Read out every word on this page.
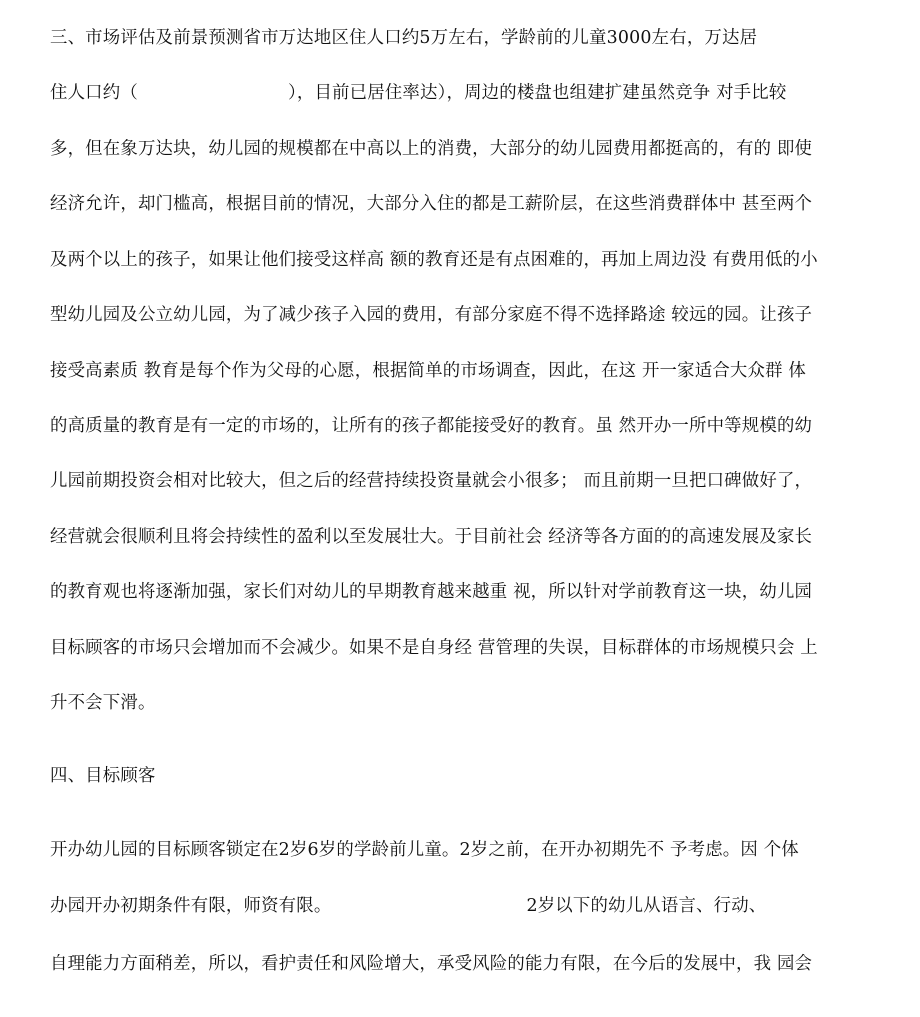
三、市场评估及前景预测省市万达地区住人口约5万左右，学龄前的儿童3000左右，万达居
住人口约（	），目前已居住率达），周边的楼盘也组建扩建虽然竞争 对手比较
多，但在象万达块，幼儿园的规模都在中高以上的消费，大部分的幼儿园费用都挺高的，有的 即使
经济允许，却门槛高，根据目前的情况，大部分入住的都是工薪阶层，在这些消费群体中 甚至两个
及两个以上的孩子，如果让他们接受这样高 额的教育还是有点困难的，再加上周边没 有费用低的小
型幼儿园及公立幼儿园，为了减少孩子入园的费用，有部分家庭不得不选择路途 较远的园。让孩子
接受高素质 教育是每个作为父母的心愿，根据简单的市场调查，因此，在这 开一家适合大众群 体
的高质量的教育是有一定的市场的，让所有的孩子都能接受好的教育。虽 然开办一所中等规模的幼
儿园前期投资会相对比较大，但之后的经营持续投资量就会小很多； 而且前期一旦把口碑做好了，
经营就会很顺利且将会持续性的盈利以至发展壮大。于目前社会 经济等各方面的的高速发展及家长
的教育观也将逐渐加强，家长们对幼儿的早期教育越来越重 视，所以针对学前教育这一块，幼儿园
目标顾客的市场只会增加而不会减少。如果不是自身经 营管理的失误，目标群体的市场规模只会 上
升不会下滑。
四、目标顾客
开办幼儿园的目标顾客锁定在2岁6岁的学龄前儿童。2岁之前，在开办初期先不 予考虑。因 个体
办园开办初期条件有限，师资有限。	2岁以下的幼儿从语言、行动、
自理能力方面稍差，所以，看护责任和风险增大，承受风险的能力有限，在今后的发展中，我 园会
